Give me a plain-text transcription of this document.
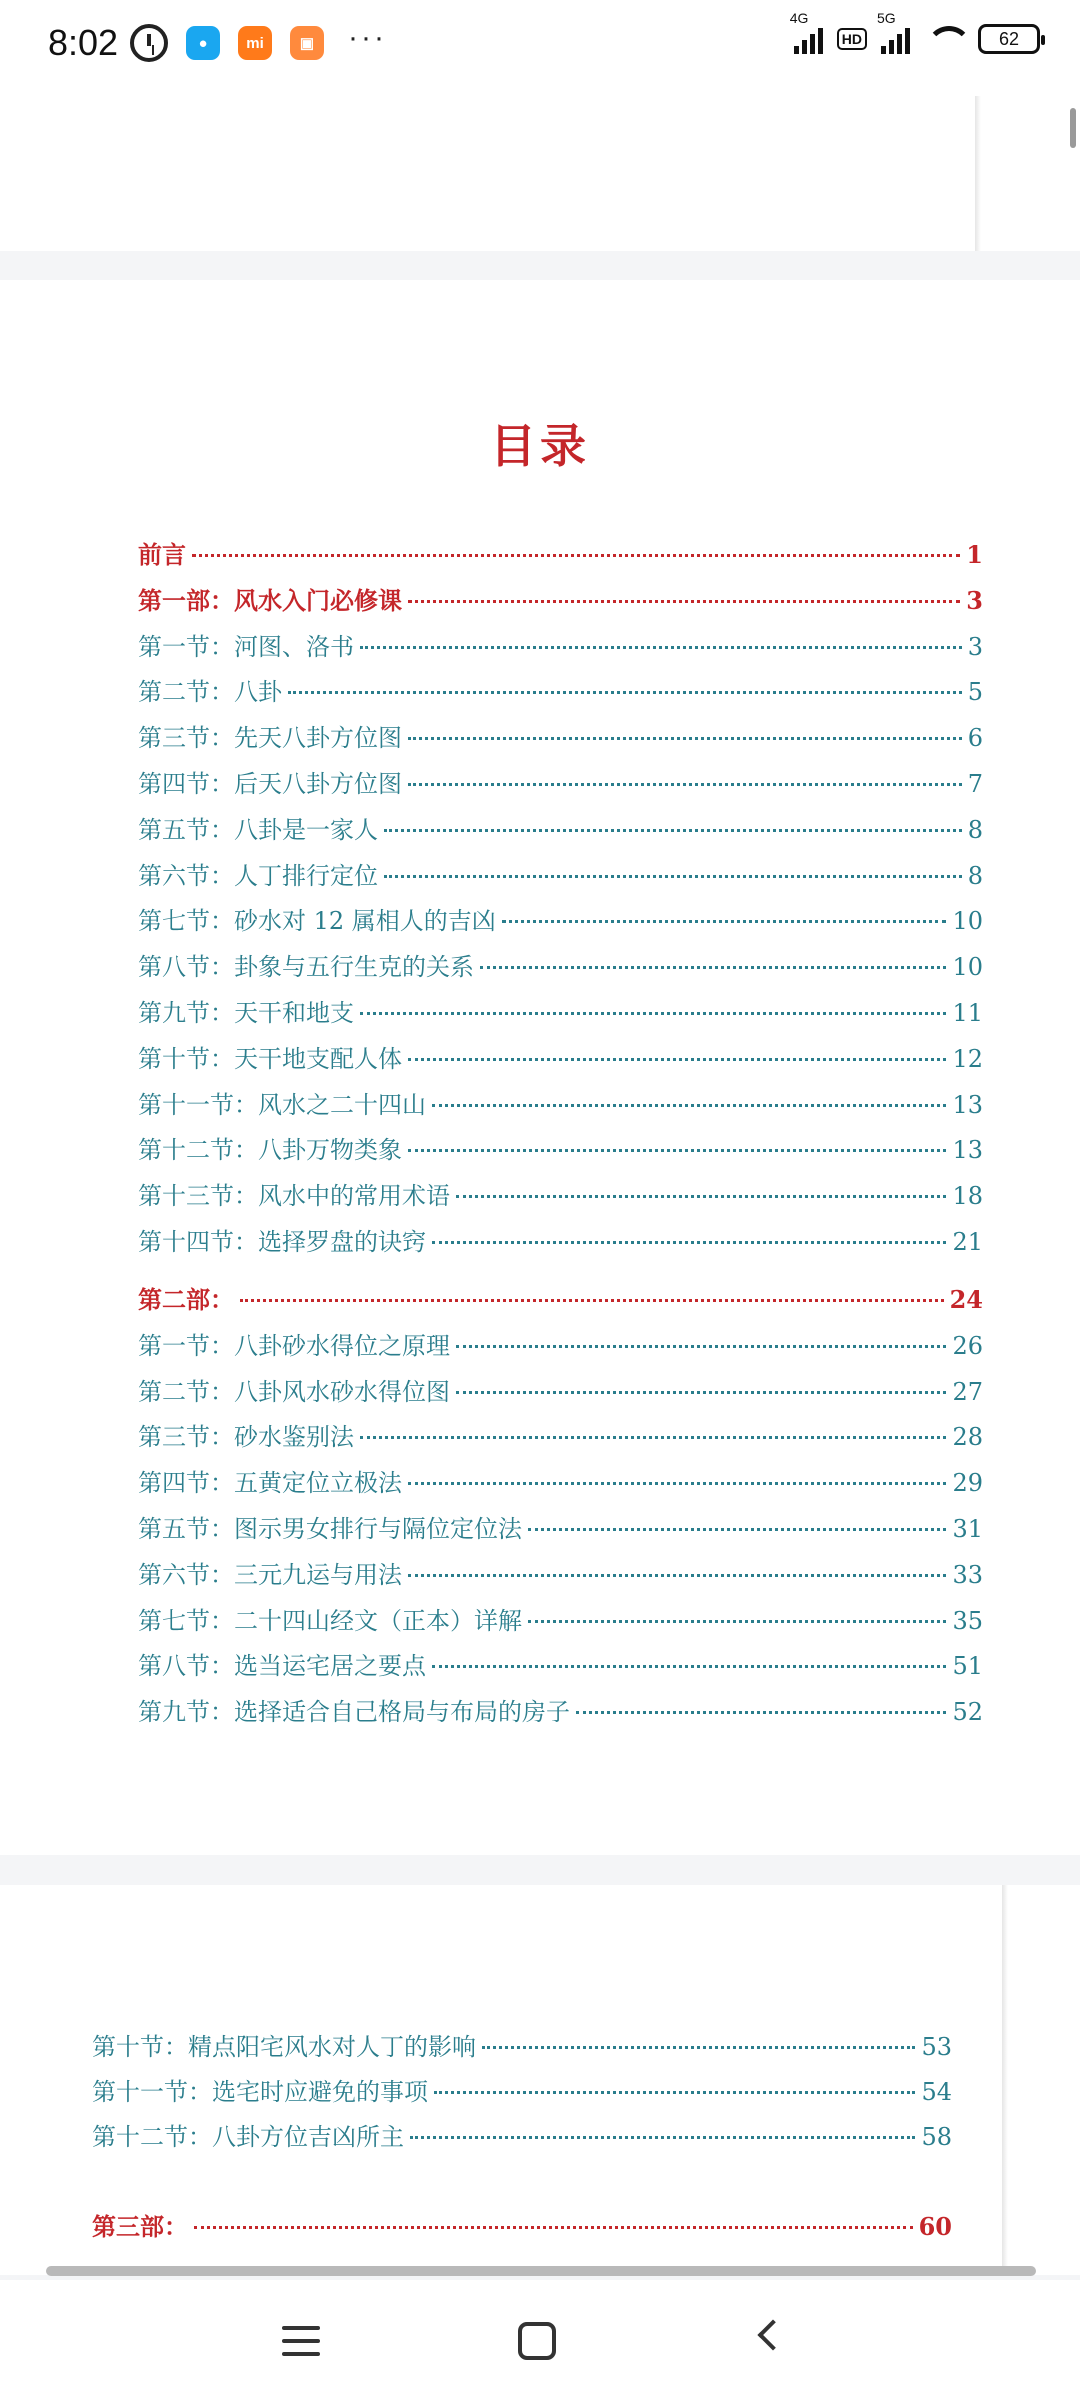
8:02	●	mi	▣	···
4G
HD
5G
62
目录
前言	1
第一部：风水入门必修课	3
第一节：河图、洛书	3
第二节：八卦	5
第三节：先天八卦方位图	6
第四节：后天八卦方位图	7
第五节：八卦是一家人	8
第六节：人丁排行定位	8
第七节：砂水对 12 属相人的吉凶	10
第八节：卦象与五行生克的关系	10
第九节：天干和地支	11
第十节：天干地支配人体	12
第十一节：风水之二十四山	13
第十二节：八卦万物类象	13
第十三节：风水中的常用术语	18
第十四节：选择罗盘的诀窍	21
第二部：	24
第一节：八卦砂水得位之原理	26
第二节：八卦风水砂水得位图	27
第三节：砂水鉴别法	28
第四节：五黄定位立极法	29
第五节：图示男女排行与隔位定位法	31
第六节：三元九运与用法	33
第七节：二十四山经文（正本）详解	35
第八节：选当运宅居之要点	51
第九节：选择适合自己格局与布局的房子	52
第十节：精点阳宅风水对人丁的影响	53
第十一节：选宅时应避免的事项	54
第十二节：八卦方位吉凶所主	58
第三部：	60
